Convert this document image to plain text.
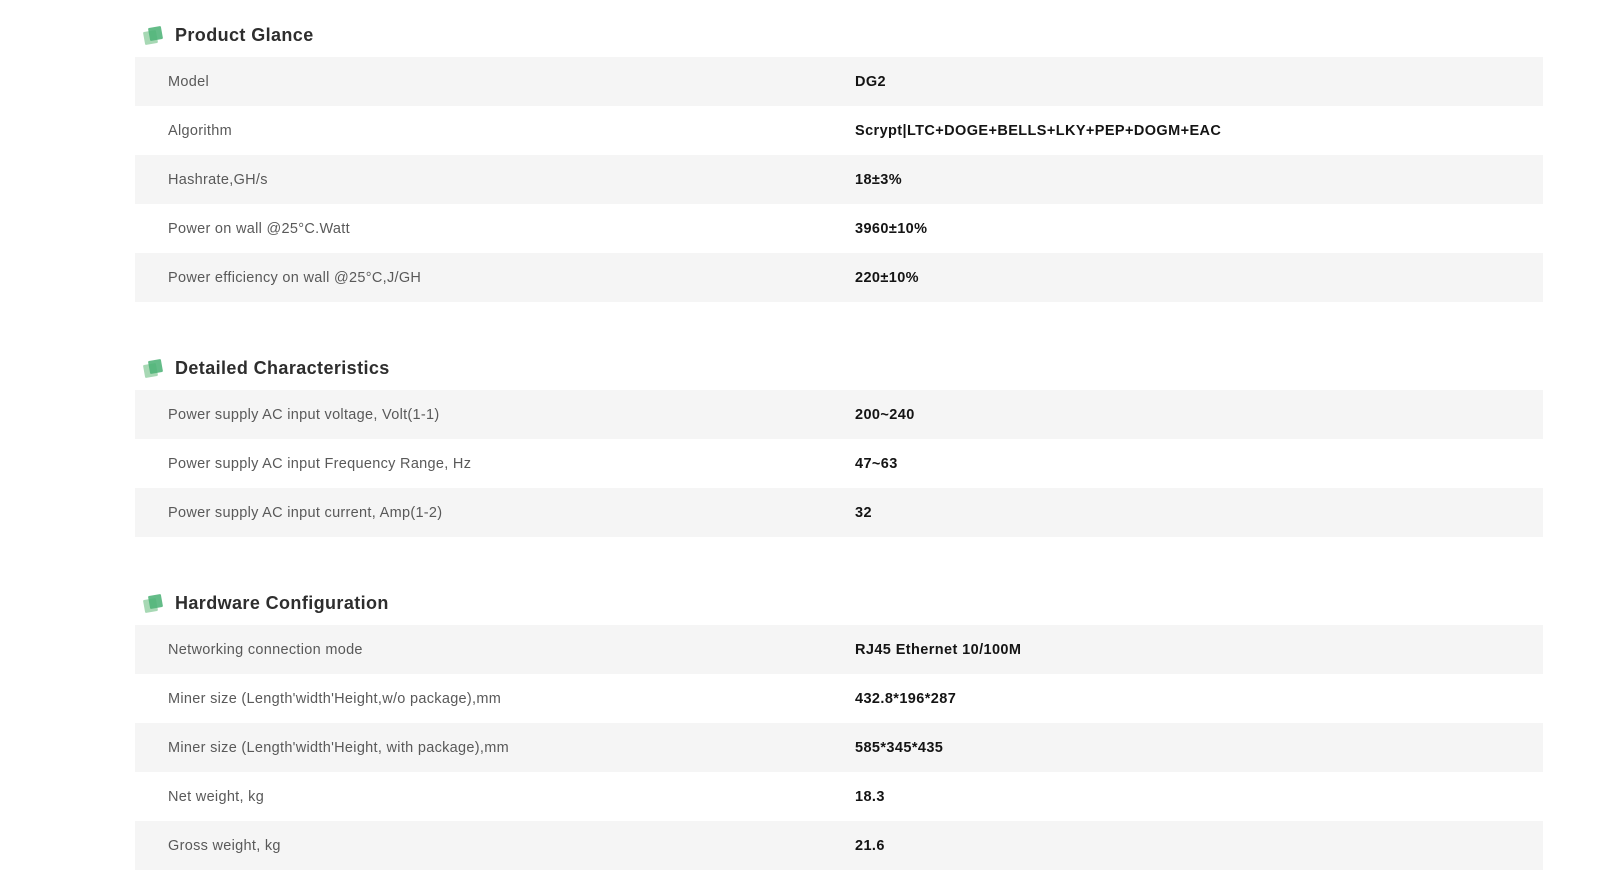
Product Glance
Model	DG2
Algorithm	Scrypt|LTC+DOGE+BELLS+LKY+PEP+DOGM+EAC
Hashrate,GH/s	18±3%
Power on wall @25°C.Watt	3960±10%
Power efficiency on wall @25°C,J/GH	220±10%
Detailed Characteristics
Power supply AC input voltage, Volt(1-1)	200~240
Power supply AC input Frequency Range, Hz	47~63
Power supply AC input current, Amp(1-2)	32
Hardware Configuration
Networking connection mode	RJ45 Ethernet 10/100M
Miner size (Length'width'Height,w/o package),mm	432.8*196*287
Miner size (Length'width'Height, with package),mm	585*345*435
Net weight, kg	18.3
Gross weight, kg	21.6
